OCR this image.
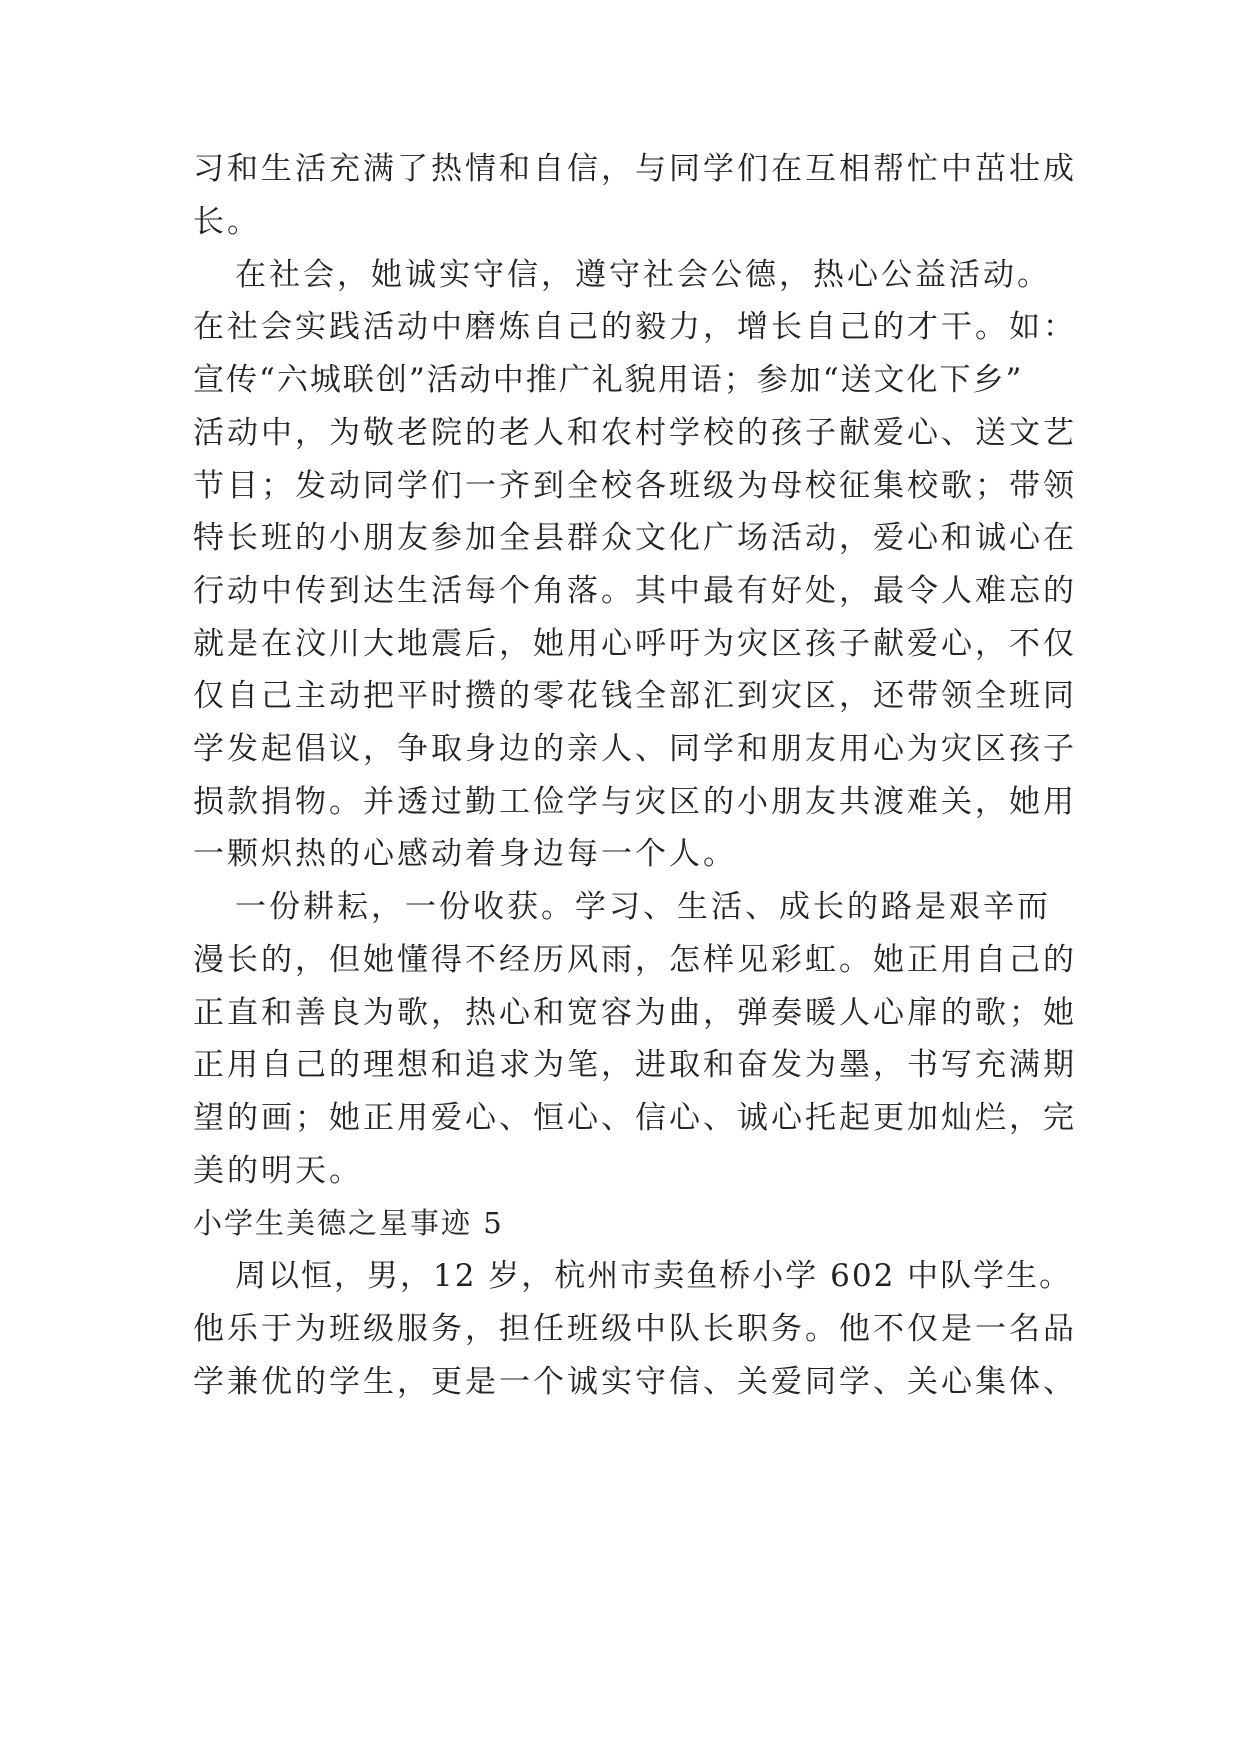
习和生活充满了热情和自信，与同学们在互相帮忙中茁壮成
长。
在社会，她诚实守信，遵守社会公德，热心公益活动。
在社会实践活动中磨炼自己的毅力，增长自己的才干。如：
宣传“六城联创”活动中推广礼貌用语；参加“送文化下乡”
活动中，为敬老院的老人和农村学校的孩子献爱心、送文艺
节目；发动同学们一齐到全校各班级为母校征集校歌；带领
特长班的小朋友参加全县群众文化广场活动，爱心和诚心在
行动中传到达生活每个角落。其中最有好处，最令人难忘的
就是在汶川大地震后，她用心呼吁为灾区孩子献爱心，不仅
仅自己主动把平时攒的零花钱全部汇到灾区，还带领全班同
学发起倡议，争取身边的亲人、同学和朋友用心为灾区孩子
损款捐物。并透过勤工俭学与灾区的小朋友共渡难关，她用
一颗炽热的心感动着身边每一个人。
一份耕耘，一份收获。学习、生活、成长的路是艰辛而
漫长的，但她懂得不经历风雨，怎样见彩虹。她正用自己的
正直和善良为歌，热心和宽容为曲，弹奏暖人心扉的歌；她
正用自己的理想和追求为笔，进取和奋发为墨，书写充满期
望的画；她正用爱心、恒心、信心、诚心托起更加灿烂，完
美的明天。
小学生美德之星事迹 5
周以恒，男，12 岁，杭州市卖鱼桥小学 602 中队学生。
他乐于为班级服务，担任班级中队长职务。他不仅是一名品
学兼优的学生，更是一个诚实守信、关爱同学、关心集体、
